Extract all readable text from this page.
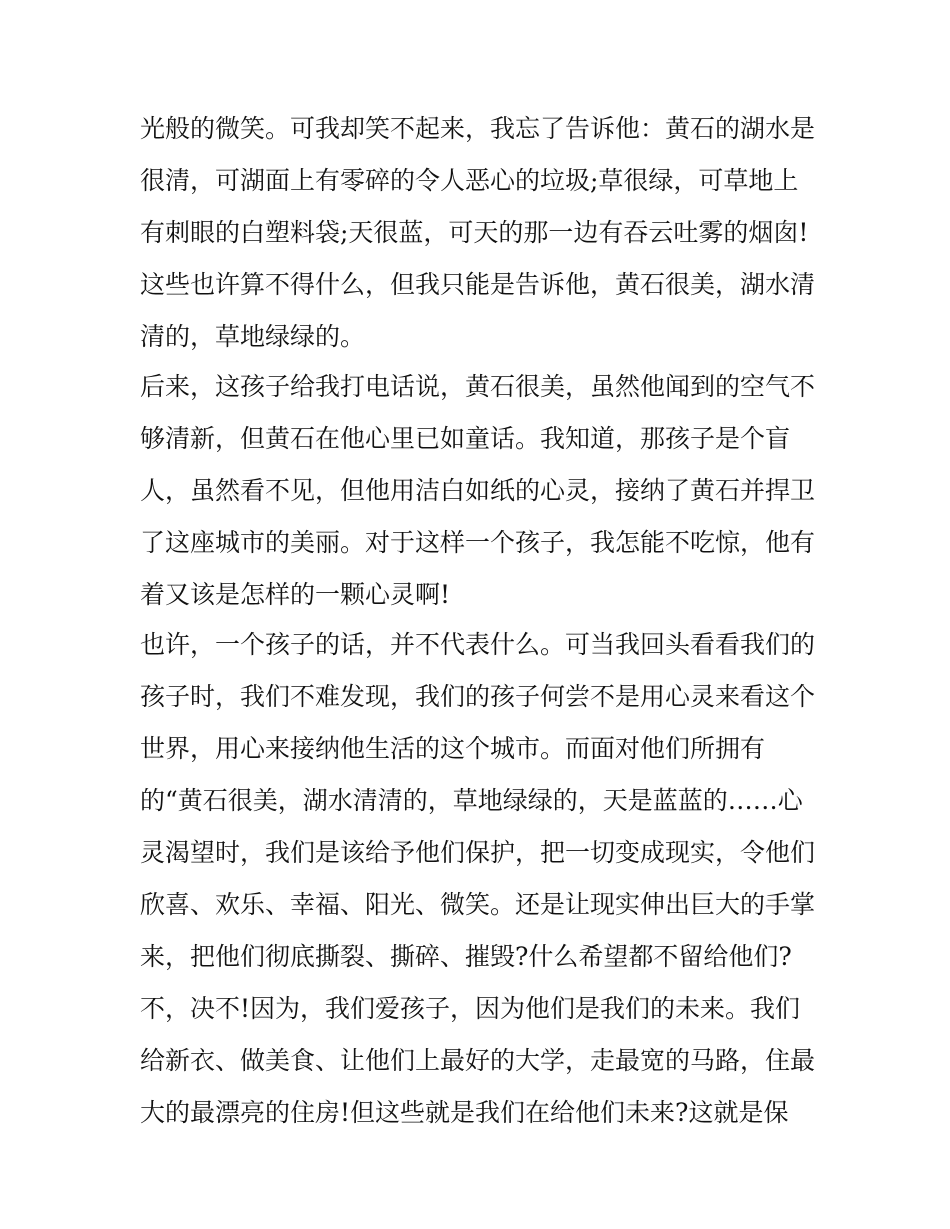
光般的微笑。可我却笑不起来，我忘了告诉他：黄石的湖水是

很清，可湖面上有零碎的令人恶心的垃圾;草很绿，可草地上

有刺眼的白塑料袋;天很蓝，可天的那一边有吞云吐雾的烟囱!

这些也许算不得什么，但我只能是告诉他，黄石很美，湖水清

清的，草地绿绿的。

后来，这孩子给我打电话说，黄石很美，虽然他闻到的空气不

够清新，但黄石在他心里已如童话。我知道，那孩子是个盲

人，虽然看不见，但他用洁白如纸的心灵，接纳了黄石并捍卫

了这座城市的美丽。对于这样一个孩子，我怎能不吃惊，他有

着又该是怎样的一颗心灵啊!

也许，一个孩子的话，并不代表什么。可当我回头看看我们的

孩子时，我们不难发现，我们的孩子何尝不是用心灵来看这个

世界，用心来接纳他生活的这个城市。而面对他们所拥有

的“黄石很美，湖水清清的，草地绿绿的，天是蓝蓝的……心

灵渴望时，我们是该给予他们保护，把一切变成现实，令他们

欣喜、欢乐、幸福、阳光、微笑。还是让现实伸出巨大的手掌

来，把他们彻底撕裂、撕碎、摧毁?什么希望都不留给他们?

不，决不!因为，我们爱孩子，因为他们是我们的未来。我们

给新衣、做美食、让他们上最好的大学，走最宽的马路，住最

大的最漂亮的住房!但这些就是我们在给他们未来?这就是保
